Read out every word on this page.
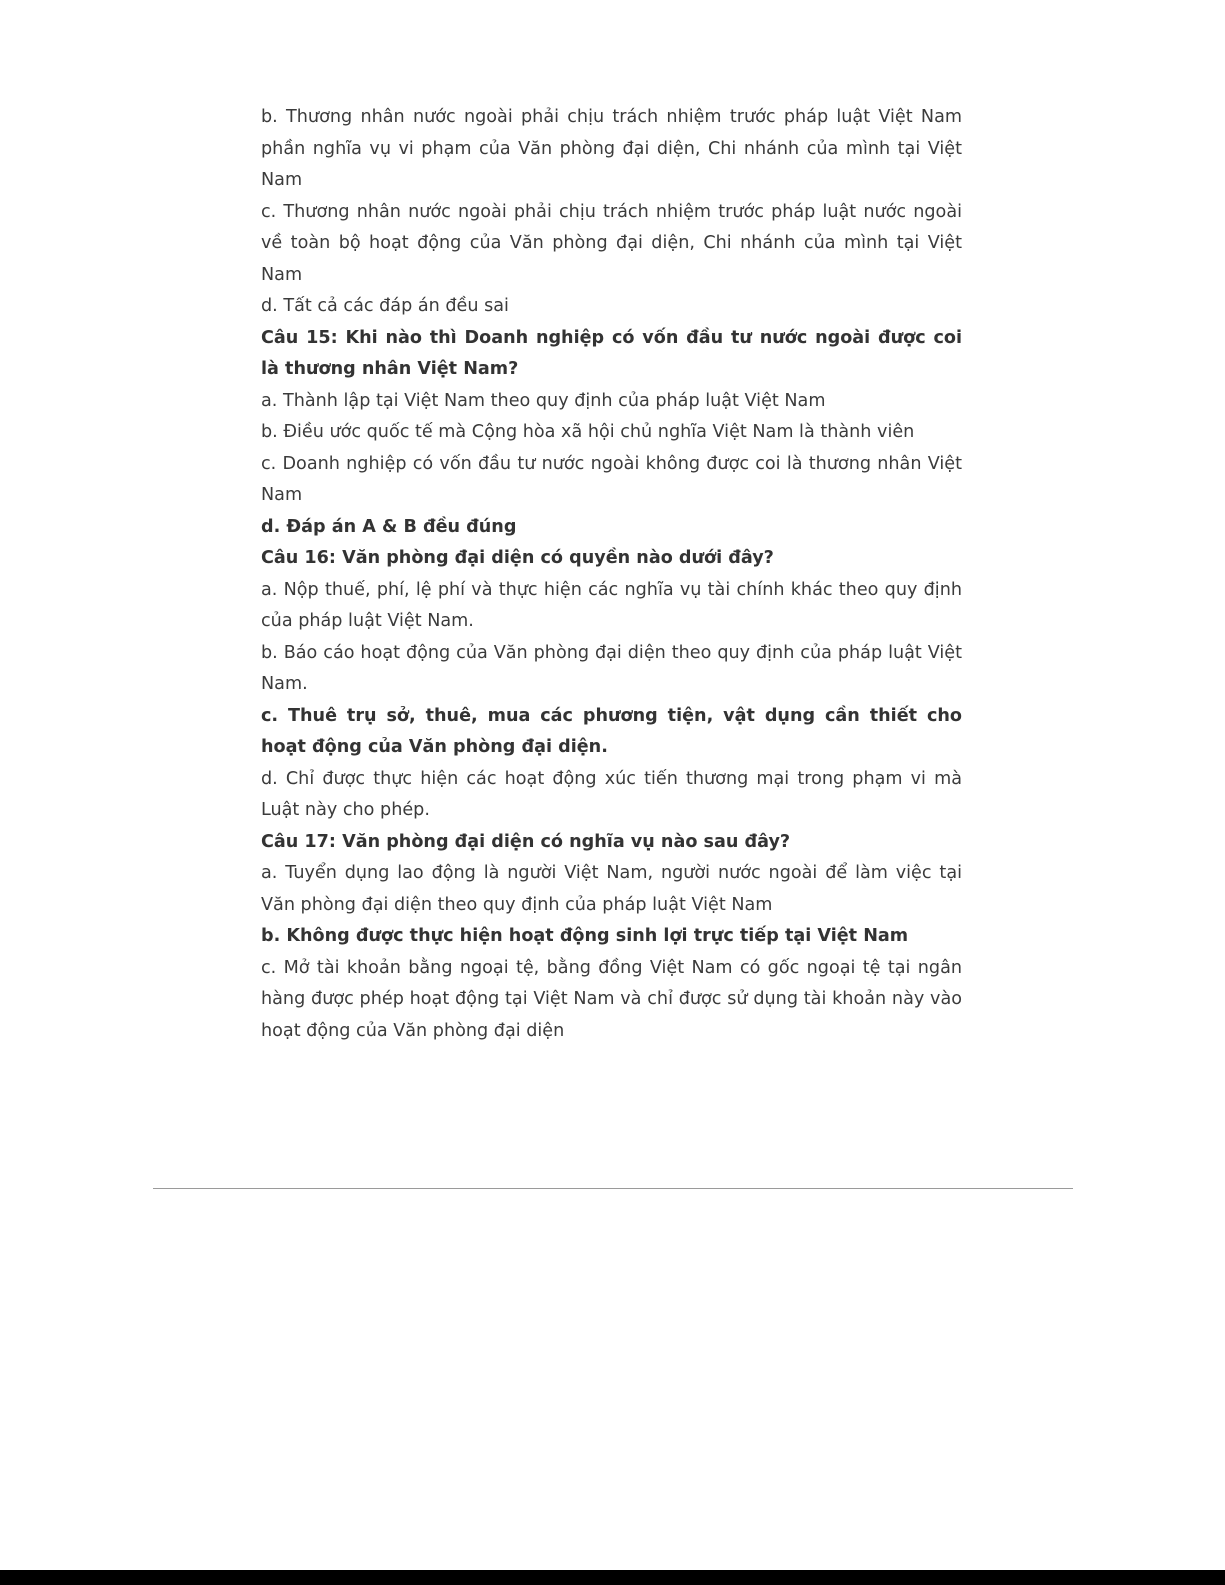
b. Thương nhân nước ngoài phải chịu trách nhiệm trước pháp luật Việt Nam phần nghĩa vụ vi phạm của Văn phòng đại diện, Chi nhánh của mình tại Việt Nam

c. Thương nhân nước ngoài phải chịu trách nhiệm trước pháp luật nước ngoài về toàn bộ hoạt động của Văn phòng đại diện, Chi nhánh của mình tại Việt Nam

d. Tất cả các đáp án đều sai

Câu 15: Khi nào thì Doanh nghiệp có vốn đầu tư nước ngoài được coi là thương nhân Việt Nam?

a. Thành lập tại Việt Nam theo quy định của pháp luật Việt Nam

b. Điều ước quốc tế mà Cộng hòa xã hội chủ nghĩa Việt Nam là thành viên

c. Doanh nghiệp có vốn đầu tư nước ngoài không được coi là thương nhân Việt Nam

d. Đáp án A & B đều đúng

Câu 16: Văn phòng đại diện có quyền nào dưới đây?

a. Nộp thuế, phí, lệ phí và thực hiện các nghĩa vụ tài chính khác theo quy định của pháp luật Việt Nam.

b. Báo cáo hoạt động của Văn phòng đại diện theo quy định của pháp luật Việt Nam.

c. Thuê trụ sở, thuê, mua các phương tiện, vật dụng cần thiết cho hoạt động của Văn phòng đại diện.

d. Chỉ được thực hiện các hoạt động xúc tiến thương mại trong phạm vi mà Luật này cho phép.

Câu 17: Văn phòng đại diện có nghĩa vụ nào sau đây?

a. Tuyển dụng lao động là người Việt Nam, người nước ngoài để làm việc tại Văn phòng đại diện theo quy định của pháp luật Việt Nam

b. Không được thực hiện hoạt động sinh lợi trực tiếp tại Việt Nam

c. Mở tài khoản bằng ngoại tệ, bằng đồng Việt Nam có gốc ngoại tệ tại ngân hàng được phép hoạt động tại Việt Nam và chỉ được sử dụng tài khoản này vào hoạt động của Văn phòng đại diện
